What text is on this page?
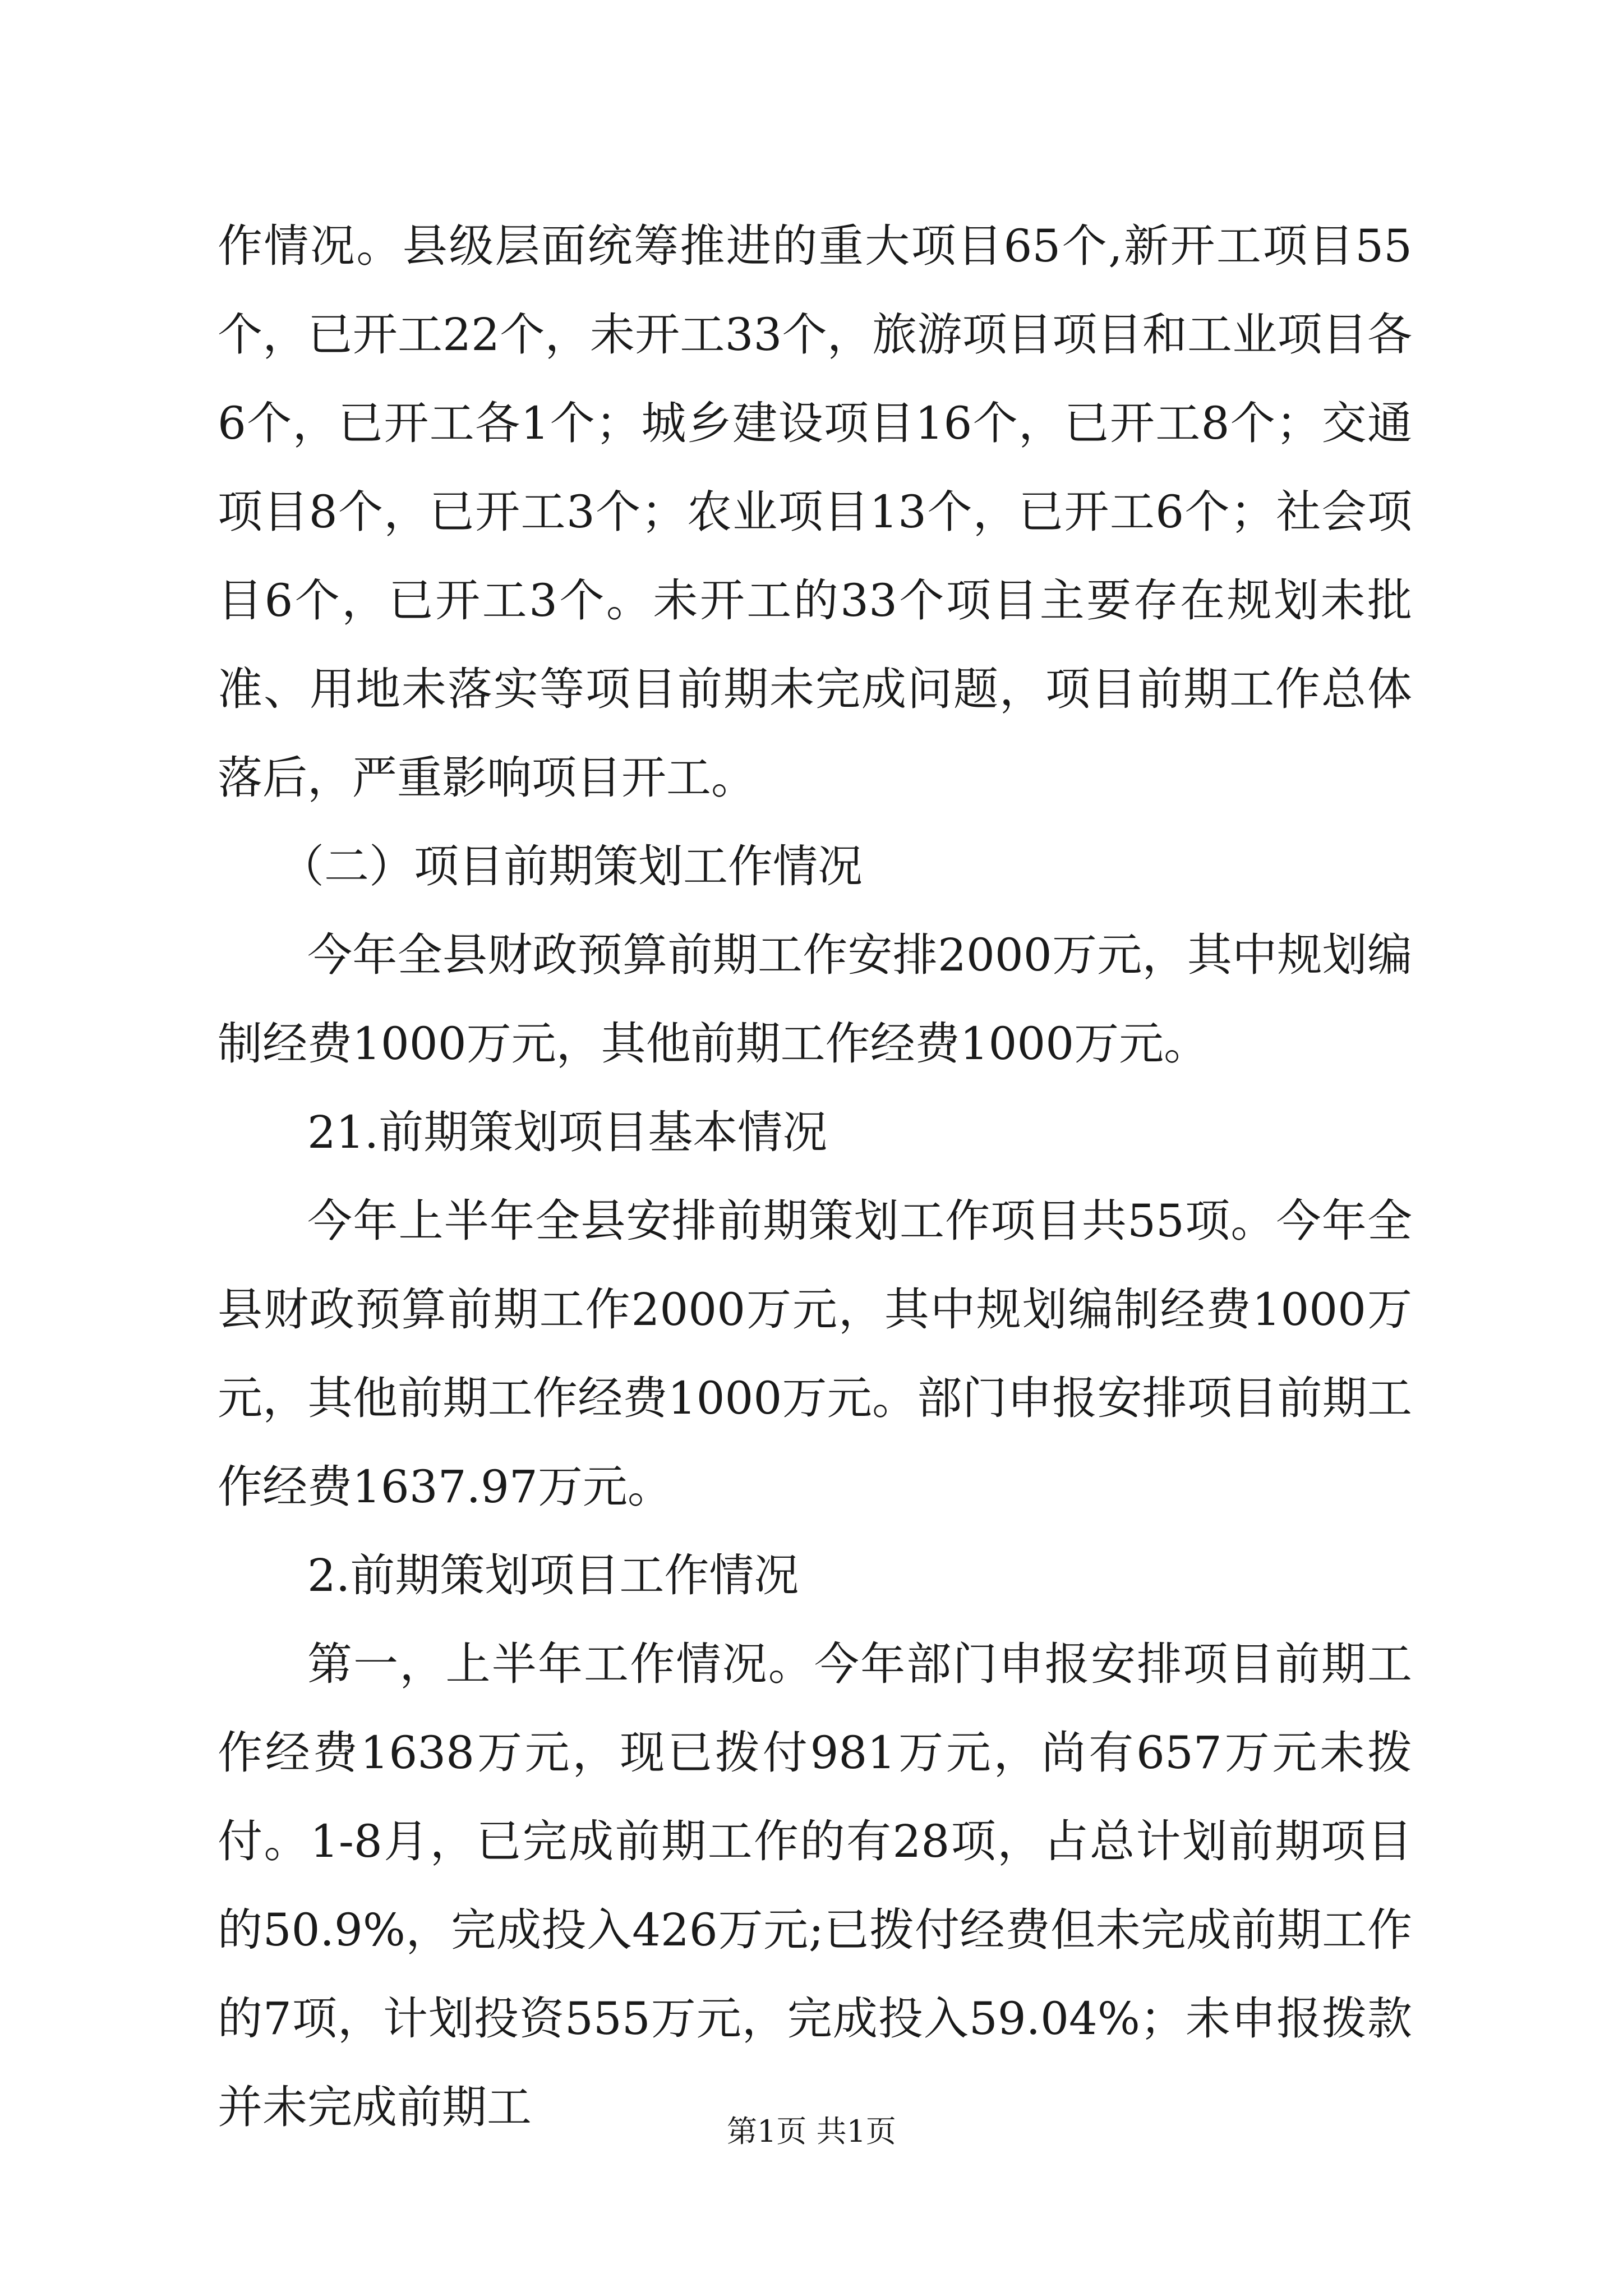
作情况。县级层面统筹推进的重大项目65个,新开工项目55个，已开工22个，未开工33个，旅游项目项目和工业项目各6个，已开工各1个；城乡建设项目16个，已开工8个；交通项目8个，已开工3个；农业项目13个，已开工6个；社会项目6个，已开工3个。未开工的33个项目主要存在规划未批准、用地未落实等项目前期未完成问题，项目前期工作总体落后，严重影响项目开工。

（二）项目前期策划工作情况

今年全县财政预算前期工作安排2000万元，其中规划编制经费1000万元，其他前期工作经费1000万元。

21.前期策划项目基本情况

今年上半年全县安排前期策划工作项目共55项。今年全县财政预算前期工作2000万元，其中规划编制经费1000万元，其他前期工作经费1000万元。部门申报安排项目前期工作经费1637.97万元。

2.前期策划项目工作情况

第一，上半年工作情况。今年部门申报安排项目前期工作经费1638万元，现已拨付981万元，尚有657万元未拨付。1-8月，已完成前期工作的有28项，占总计划前期项目的50.9%，完成投入426万元;已拨付经费但未完成前期工作的7项，计划投资555万元，完成投入59.04%；未申报拨款并未完成前期工	第1页 共1页
